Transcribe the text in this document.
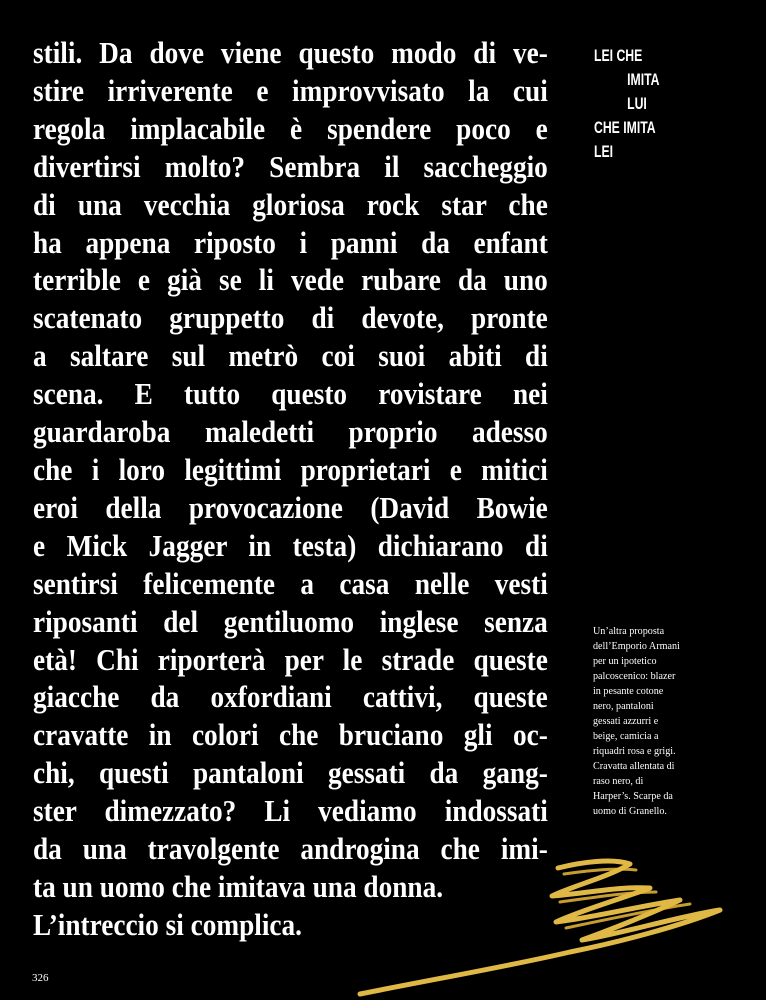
stili. Da dove viene questo modo di ve-
stire irriverente e improvvisato la cui
regola implacabile è spendere poco e
divertirsi molto? Sembra il saccheggio
di una vecchia gloriosa rock star che
ha appena riposto i panni da enfant
terrible e già se li vede rubare da uno
scatenato gruppetto di devote, pronte
a saltare sul metrò coi suoi abiti di
scena. E tutto questo rovistare nei
guardaroba maledetti proprio adesso
che i loro legittimi proprietari e mitici
eroi della provocazione (David Bowie
e Mick Jagger in testa) dichiarano di
sentirsi felicemente a casa nelle vesti
riposanti del gentiluomo inglese senza
età! Chi riporterà per le strade queste
giacche da oxfordiani cattivi, queste
cravatte in colori che bruciano gli oc-
chi, questi pantaloni gessati da gang-
ster dimezzato? Li vediamo indossati
da una travolgente androgina che imi-
ta un uomo che imitava una donna.
L’intreccio si complica.
LEI CHE
IMITA LUI
CHE IMITA LEI
Un’altra proposta
dell’Emporio Armani
per un ipotetico
palcoscenico: blazer
in pesante cotone
nero, pantaloni
gessati azzurri e
beige, camicia a
riquadri rosa e grigi.
Cravatta allentata di
raso nero, di
Harper’s. Scarpe da
uomo di Granello.
326
